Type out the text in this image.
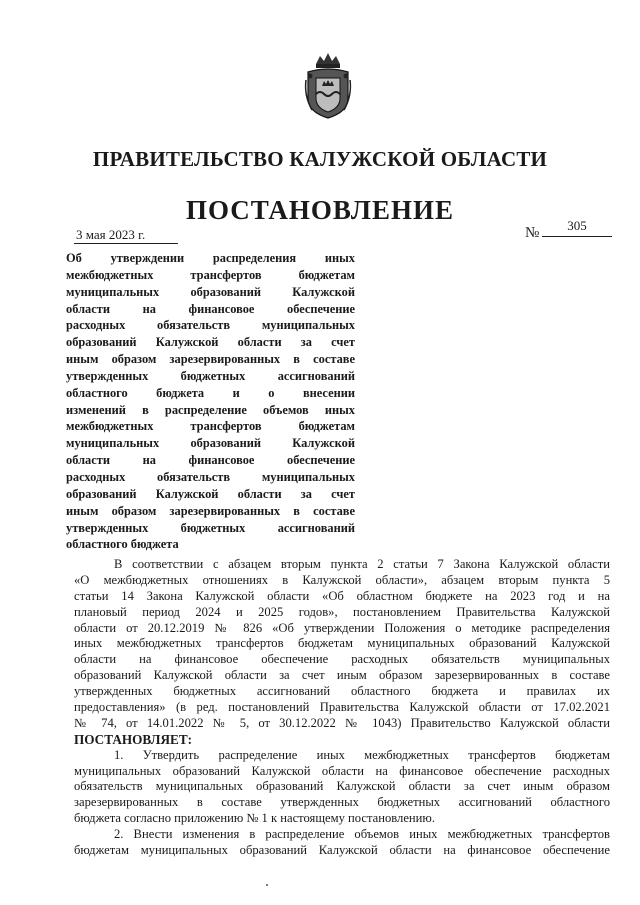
ПРАВИТЕЛЬСТВО КАЛУЖСКОЙ ОБЛАСТИ
ПОСТАНОВЛЕНИЕ
3 мая 2023 г.	№	305
Об утверждении распределения иных
межбюджетных трансфертов бюджетам
муниципальных образований Калужской
области на финансовое обеспечение
расходных обязательств муниципальных
образований Калужской области за счет
иным образом зарезервированных в составе
утвержденных бюджетных ассигнований
областного бюджета и о внесении
изменений в распределение объемов иных
межбюджетных трансфертов бюджетам
муниципальных образований Калужской
области на финансовое обеспечение
расходных обязательств муниципальных
образований Калужской области за счет
иным образом зарезервированных в составе
утвержденных бюджетных ассигнований
областного бюджета
В соответствии с абзацем вторым пункта 2 статьи 7 Закона Калужской области
«О межбюджетных отношениях в Калужской области», абзацем вторым пункта 5
статьи 14 Закона Калужской области «Об областном бюджете на 2023 год и на
плановый период 2024 и 2025 годов», постановлением Правительства Калужской
области от 20.12.2019 № 826 «Об утверждении Положения о методике распределения
иных межбюджетных трансфертов бюджетам муниципальных образований Калужской
области на финансовое обеспечение расходных обязательств муниципальных
образований Калужской области за счет иным образом зарезервированных в составе
утвержденных бюджетных ассигнований областного бюджета и правилах их
предоставления» (в ред. постановлений Правительства Калужской области от 17.02.2021
№ 74, от 14.01.2022 № 5, от 30.12.2022 № 1043) Правительство Калужской области
ПОСТАНОВЛЯЕТ:
1. Утвердить распределение иных межбюджетных трансфертов бюджетам
муниципальных образований Калужской области на финансовое обеспечение расходных
обязательств муниципальных образований Калужской области за счет иным образом
зарезервированных в составе утвержденных бюджетных ассигнований областного
бюджета согласно приложению № 1 к настоящему постановлению.
2. Внести изменения в распределение объемов иных межбюджетных трансфертов
бюджетам муниципальных образований Калужской области на финансовое обеспечение
